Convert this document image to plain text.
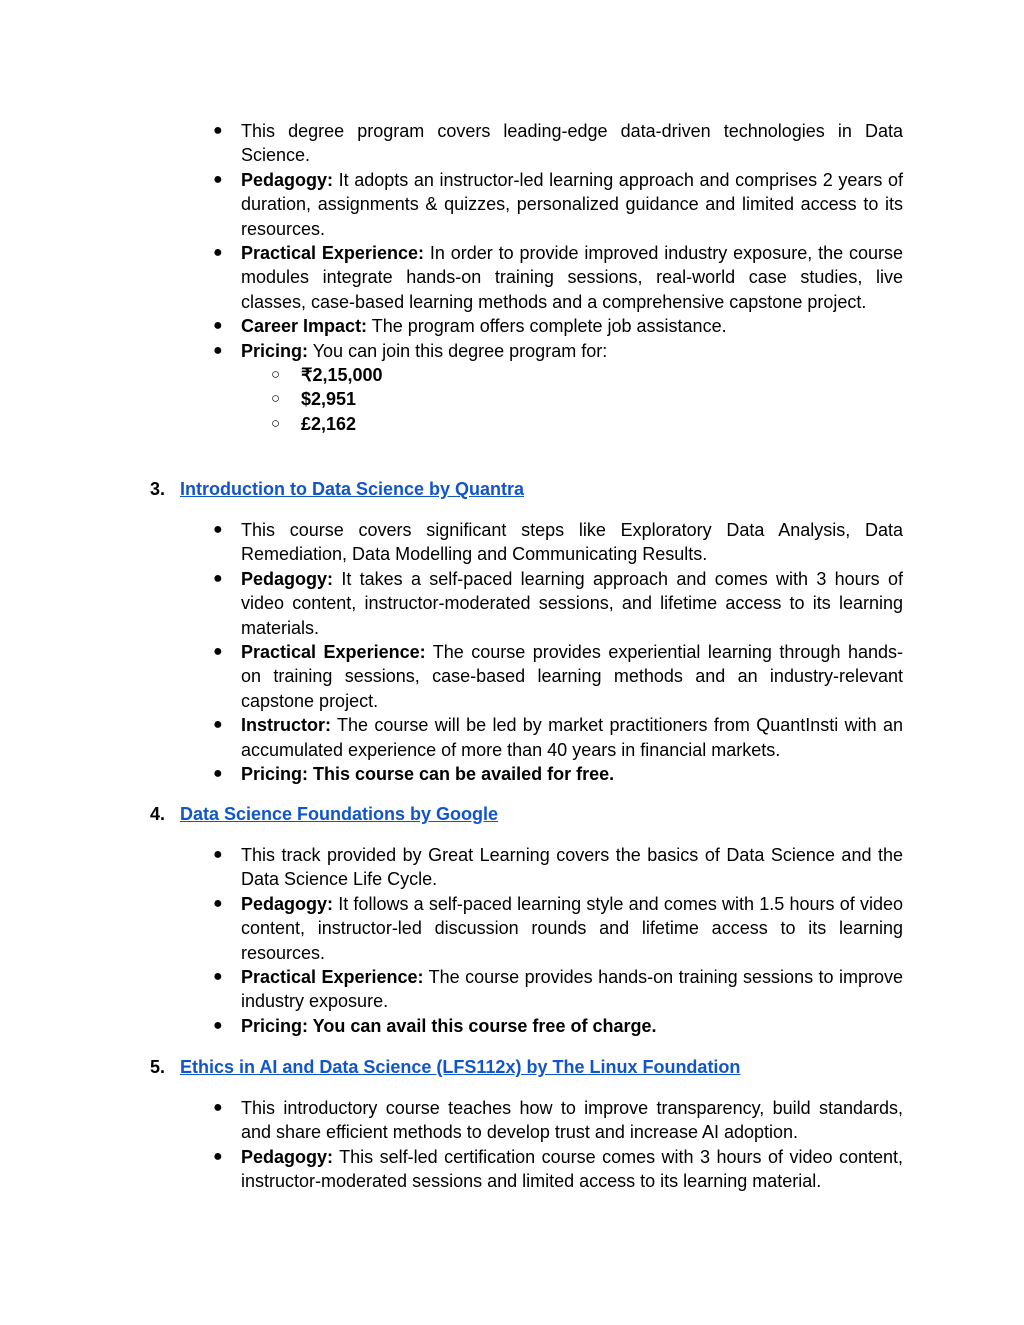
● This degree program covers leading-edge data-driven technologies in Data Science.
● Pedagogy: It adopts an instructor-led learning approach and comprises 2 years of duration, assignments & quizzes, personalized guidance and limited access to its resources.
● Practical Experience: In order to provide improved industry exposure, the course modules integrate hands-on training sessions, real-world case studies, live classes, case-based learning methods and a comprehensive capstone project.
● Career Impact: The program offers complete job assistance.
● Pricing: You can join this degree program for:
○ ₹2,15,000
○ $2,951
○ £2,162
3. Introduction to Data Science by Quantra
● This course covers significant steps like Exploratory Data Analysis, Data Remediation, Data Modelling and Communicating Results.
● Pedagogy: It takes a self-paced learning approach and comes with 3 hours of video content, instructor-moderated sessions, and lifetime access to its learning materials.
● Practical Experience: The course provides experiential learning through hands-on training sessions, case-based learning methods and an industry-relevant capstone project.
● Instructor: The course will be led by market practitioners from QuantInsti with an accumulated experience of more than 40 years in financial markets.
● Pricing: This course can be availed for free.
4. Data Science Foundations by Google
● This track provided by Great Learning covers the basics of Data Science and the Data Science Life Cycle.
● Pedagogy: It follows a self-paced learning style and comes with 1.5 hours of video content, instructor-led discussion rounds and lifetime access to its learning resources.
● Practical Experience: The course provides hands-on training sessions to improve industry exposure.
● Pricing: You can avail this course free of charge.
5. Ethics in AI and Data Science (LFS112x) by The Linux Foundation
● This introductory course teaches how to improve transparency, build standards, and share efficient methods to develop trust and increase AI adoption.
● Pedagogy: This self-led certification course comes with 3 hours of video content, instructor-moderated sessions and limited access to its learning material.
